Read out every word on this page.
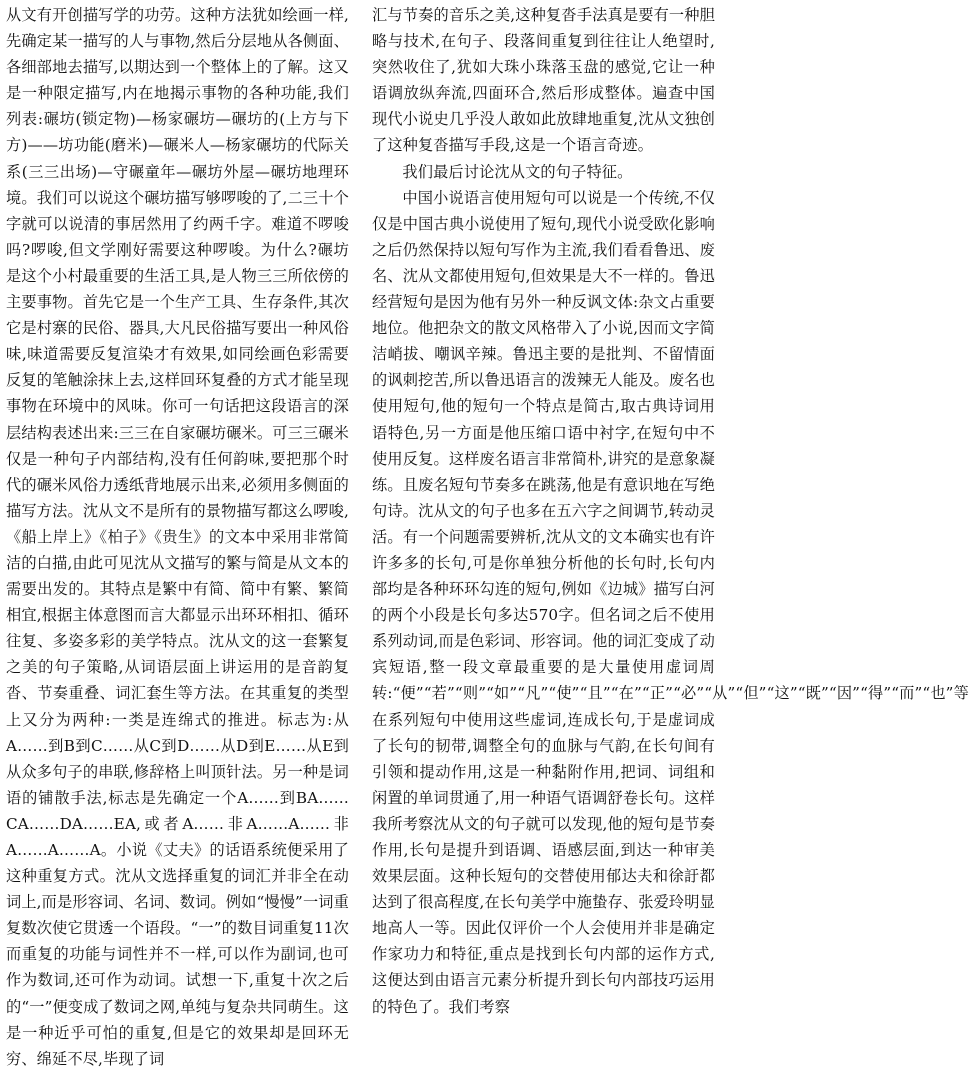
从文有开创描写学的功劳。这种方法犹如绘画一样,先确定某一描写的人与事物,然后分层地从各侧面、各细部地去描写,以期达到一个整体上的了解。这又是一种限定描写,内在地揭示事物的各种功能,我们列表:碾坊(锁定物)—杨家碾坊—碾坊的(上方与下方)——坊功能(磨米)—碾米人—杨家碾坊的代际关系(三三出场)—守碾童年—碾坊外屋—碾坊地理环境。我们可以说这个碾坊描写够啰唆的了,二三十个字就可以说清的事居然用了约两千字。难道不啰唆吗?啰唆,但文学刚好需要这种啰唆。为什么?碾坊是这个小村最重要的生活工具,是人物三三所依傍的主要事物。首先它是一个生产工具、生存条件,其次它是村寨的民俗、器具,大凡民俗描写要出一种风俗味,味道需要反复渲染才有效果,如同绘画色彩需要反复的笔触涂抹上去,这样回环复叠的方式才能呈现事物在环境中的风味。你可一句话把这段语言的深层结构表述出来:三三在自家碾坊碾米。可三三碾米仅是一种句子内部结构,没有任何韵味,要把那个时代的碾米风俗力透纸背地展示出来,必须用多侧面的描写方法。沈从文不是所有的景物描写都这么啰唆,《船上岸上》《柏子》《贵生》的文本中采用非常简洁的白描,由此可见沈从文描写的繁与简是从文本的需要出发的。其特点是繁中有简、简中有繁、繁简相宜,根据主体意图而言大都显示出环环相扣、循环往复、多姿多彩的美学特点。沈从文的这一套繁复之美的句子策略,从词语层面上讲运用的是音韵复沓、节奏重叠、词汇套生等方法。在其重复的类型上又分为两种:一类是连绵式的推进。标志为:从A……到B到C……从C到D……从D到E……从E到从众多句子的串联,修辞格上叫顶针法。另一种是词语的铺散手法,标志是先确定一个A……到BA……CA……DA……EA,或者A……非A……A……非A……A……A。小说《丈夫》的话语系统便采用了这种重复方式。沈从文选择重复的词汇并非全在动词上,而是形容词、名词、数词。例如“慢慢”一词重复数次使它贯透一个语段。“一”的数目词重复11次而重复的功能与词性并不一样,可以作为副词,也可作为数词,还可作为动词。试想一下,重复十次之后的“一”便变成了数词之网,单纯与复杂共同萌生。这是一种近乎可怕的重复,但是它的效果却是回环无穷、绵延不尽,毕现了词

汇与节奏的音乐之美,这种复沓手法真是要有一种胆略与技术,在句子、段落间重复到往往让人绝望时,突然收住了,犹如大珠小珠落玉盘的感觉,它让一种语调放纵奔流,四面环合,然后形成整体。遍查中国现代小说史几乎没人敢如此放肆地重复,沈从文独创了这种复沓描写手段,这是一个语言奇迹。

我们最后讨论沈从文的句子特征。

中国小说语言使用短句可以说是一个传统,不仅仅是中国古典小说使用了短句,现代小说受欧化影响之后仍然保持以短句写作为主流,我们看看鲁迅、废名、沈从文都使用短句,但效果是大不一样的。鲁迅经营短句是因为他有另外一种反讽文体:杂文占重要地位。他把杂文的散文风格带入了小说,因而文字简洁峭拔、嘲讽辛辣。鲁迅主要的是批判、不留情面的讽刺挖苦,所以鲁迅语言的泼辣无人能及。废名也使用短句,他的短句一个特点是简古,取古典诗词用语特色,另一方面是他压缩口语中衬字,在短句中不使用反复。这样废名语言非常简朴,讲究的是意象凝练。且废名短句节奏多在跳荡,他是有意识地在写绝句诗。沈从文的句子也多在五六字之间调节,转动灵活。有一个问题需要辨析,沈从文的文本确实也有许许多多的长句,可是你单独分析他的长句时,长句内部均是各种环环勾连的短句,例如《边城》描写白河的两个小段是长句多达570字。但名词之后不使用系列动词,而是色彩词、形容词。他的词汇变成了动宾短语,整一段文章最重要的是大量使用虚词周转:“便”“若”“则”“如”“凡”“使”“且”“在”“正”“必”“从”“但”“这”“既”“因”“得”“而”“也”等在系列短句中使用这些虚词,连成长句,于是虚词成了长句的韧带,调整全句的血脉与气韵,在长句间有引领和提动作用,这是一种黏附作用,把词、词组和闲置的单词贯通了,用一种语气语调舒卷长句。这样我所考察沈从文的句子就可以发现,他的短句是节奏作用,长句是提升到语调、语感层面,到达一种审美效果层面。这种长短句的交替使用郁达夫和徐訏都达到了很高程度,在长句美学中施蛰存、张爱玲明显地高人一等。因此仅评价一个人会使用并非是确定作家功力和特征,重点是找到长句内部的运作方式,这便达到由语言元素分析提升到长句内部技巧运用的特色了。我们考察
